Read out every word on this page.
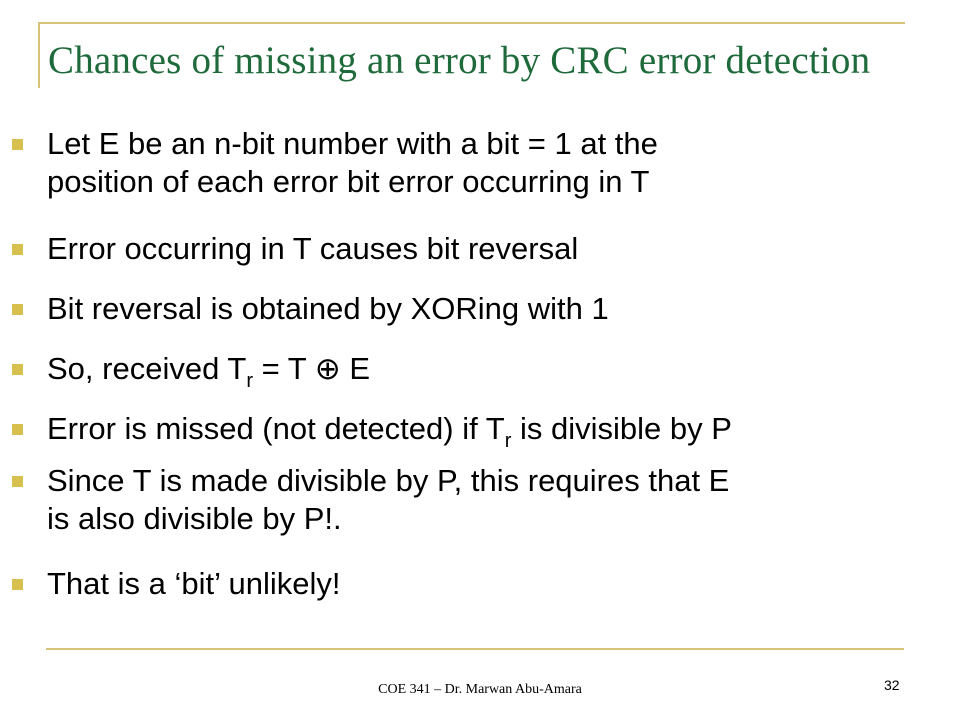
Chances of missing an error by CRC error detection
Let E be an n-bit number with a bit = 1 at the
position of each error bit error occurring in T
Error occurring in T causes bit reversal
Bit reversal is obtained by XORing with 1
So, received $T_r = T$ ⊕ E
Error is missed (not detected) if $T_r$ is divisible by P
Since T is made divisible by P, this requires that E
is also divisible by P!.
That is a ‘bit’ unlikely!
COE 341 – Dr. Marwan Abu-Amara	32
